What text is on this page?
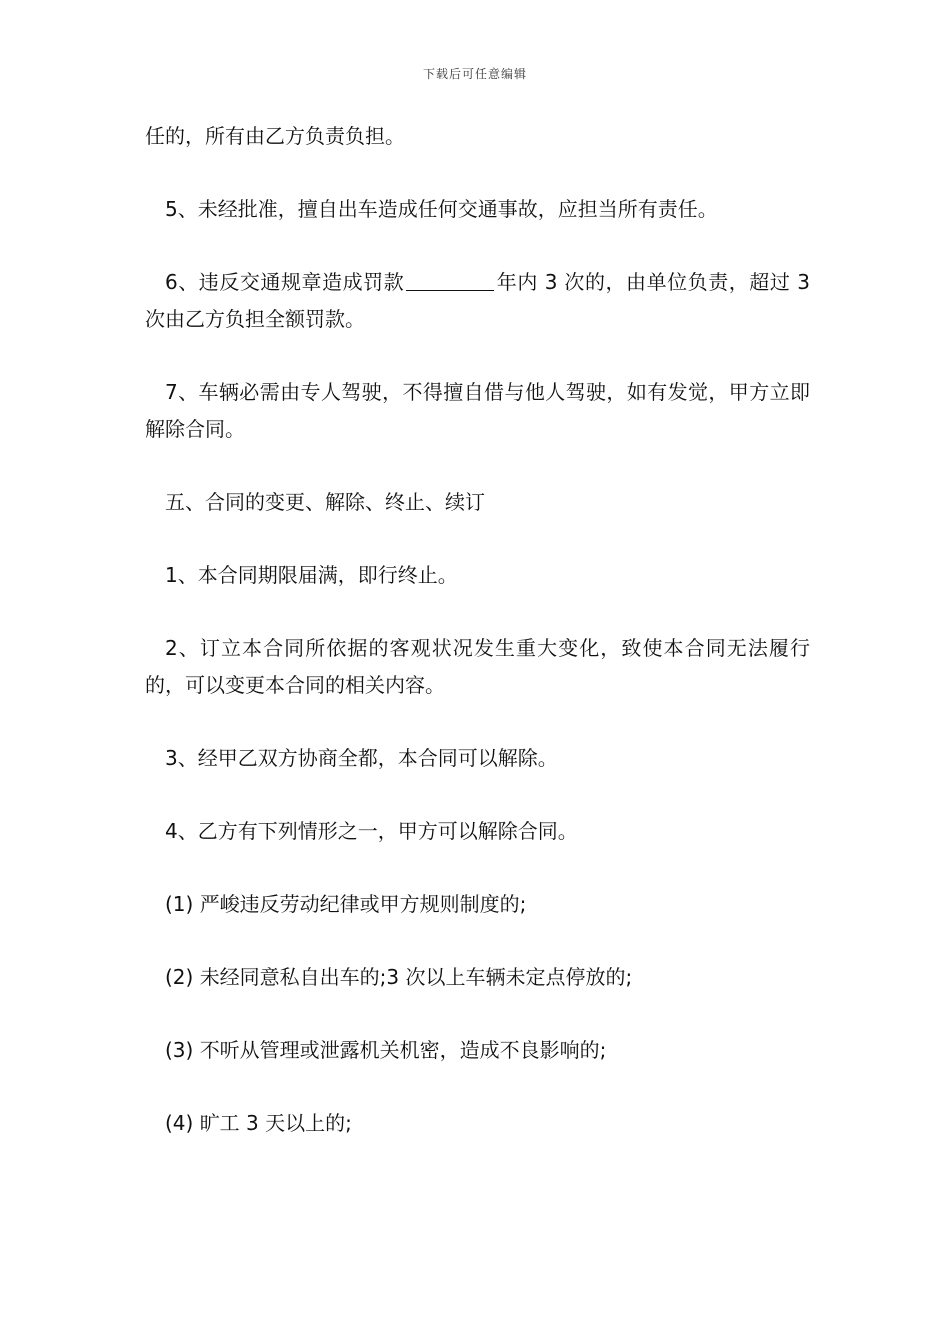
下载后可任意编辑

任的，所有由乙方负责负担。

5、未经批准，擅自出车造成任何交通事故，应担当所有责任。

6、违反交通规章造成罚款	年内 3 次的，由单位负责，超过 3 次由乙方负担全额罚款。

7、车辆必需由专人驾驶，不得擅自借与他人驾驶，如有发觉，甲方立即解除合同。

五、合同的变更、解除、终止、续订

1、本合同期限届满，即行终止。

2、订立本合同所依据的客观状况发生重大变化，致使本合同无法履行的，可以变更本合同的相关内容。

3、经甲乙双方协商全都，本合同可以解除。

4、乙方有下列情形之一，甲方可以解除合同。

(1) 严峻违反劳动纪律或甲方规则制度的;

(2) 未经同意私自出车的;3 次以上车辆未定点停放的;

(3) 不听从管理或泄露机关机密，造成不良影响的;

(4) 旷工 3 天以上的;
